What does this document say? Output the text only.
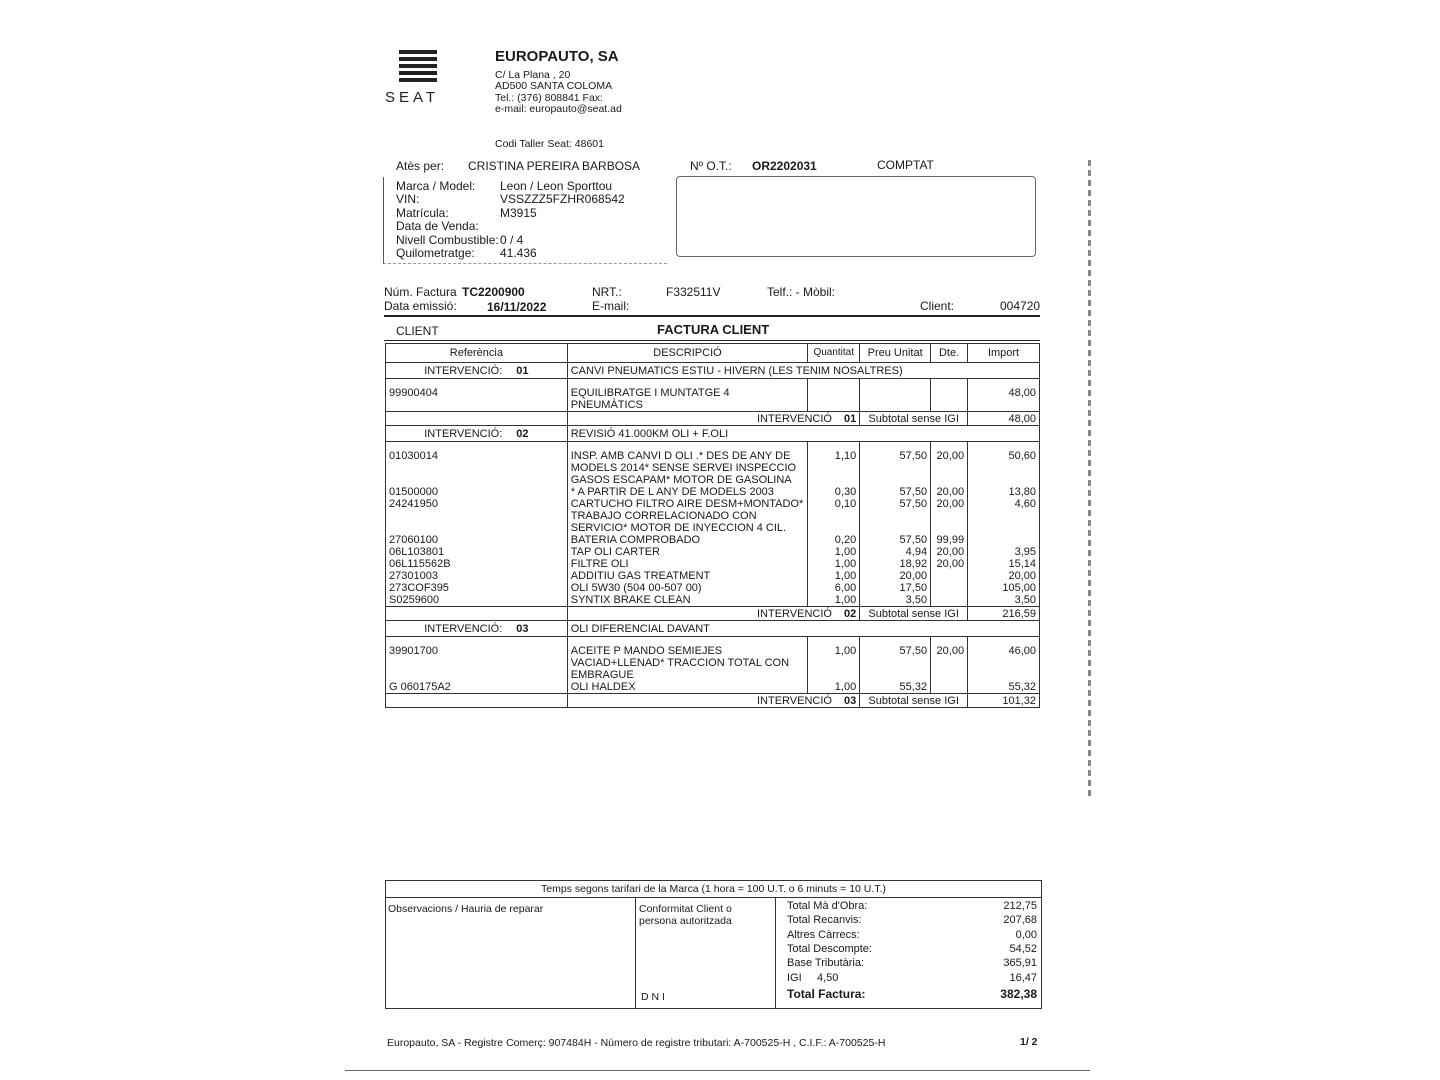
SEAT
EUROPAUTO, SA
C/ La Plana , 20
AD500 SANTA COLOMA
Tel.: (376) 808841 Fax:
e-mail: europauto@seat.ad
Codi Taller Seat: 48601
Atès per: CRISTINA PEREIRA BARBOSA	Nº O.T.: OR2202031	COMPTAT
Marca / Model: Leon / Leon Sporttou
VIN:	VSSZZZ5FZHR068542
Matrícula:	M3915
Data de Venda:
Nivell Combustible: 0 / 4
Quilometratge: 41.436
Núm. Factura TC2200900
Data emissió:	16/11/2022
NRT.:	F332511V
E-mail:
Telf.: - Mòbil:
Client:	004720
CLIENT	FACTURA CLIENT
Referència	DESCRIPCIÓ	Quantitat	Preu Unitat	Dte.	Import
INTERVENCIÓ: 01	CANVI PNEUMATICS ESTIU - HIVERN (LES TENIM NOSALTRES)				

99900404	EQUILIBRATGE I MUNTATGE 4 PNEUMÀTICS				48,00
	INTERVENCIÓ 01		Subtotal sense IGI		48,00
INTERVENCIÓ: 02	REVISIÓ 41.000KM OLI + F.OLI				

01030014	INSP. AMB CANVI D OLI .* DES DE ANY DE
MODELS 2014* SENSE SERVEI INSPECCIO
GASOS ESCAPAM* MOTOR DE GASOLINA	1,10	57,50	20,00	50,60
01500000	* A PARTIR DE L ANY DE MODELS 2003	0,30	57,50	20,00	13,80
24241950	CARTUCHO FILTRO AIRE DESM+MONTADO*
TRABAJO CORRELACIONADO CON
SERVICIO* MOTOR DE INYECCION 4 CIL.	0,10	57,50	20,00	4,60
27060100	BATERIA COMPROBADO	0,20	57,50	99,99	
06L103801	TAP OLI CARTER	1,00	4,94	20,00	3,95
06L115562B	FILTRE OLI	1,00	18,92	20,00	15,14
27301003	ADDITIU GAS TREATMENT	1,00	20,00		20,00
273COF395	OLI 5W30 (504 00-507 00)	6,00	17,50		105,00
S0259600	SYNTIX BRAKE CLEAN	1,00	3,50		3,50
	INTERVENCIÓ 02		Subtotal sense IGI		216,59
INTERVENCIÓ: 03	OLI DIFERENCIAL DAVANT				

39901700	ACEITE P MANDO SEMIEJES
VACIAD+LLENAD* TRACCION TOTAL CON
EMBRAGUE	1,00	57,50	20,00	46,00
G 060175A2	OLI HALDEX	1,00	55,32		55,32
	INTERVENCIÓ 03		Subtotal sense IGI		101,32
Temps segons tarifari de la Marca (1 hora = 100 U.T. o 6 minuts = 10 U.T.)
Observacions / Hauria de reparar	Conformitat Client o
persona autoritzada
D N I
Total Mà d'Obra:	212,75
Total Recanvis:	207,68
Altres Càrrecs:	0,00
Total Descompte:	54,52
Base Tributària:	365,91
IGI     4,50	16,47
Total Factura:	382,38
Europauto, SA - Registre Comerç: 907484H - Número de registre tributari: A-700525-H , C.I.F.: A-700525-H	1/ 2
